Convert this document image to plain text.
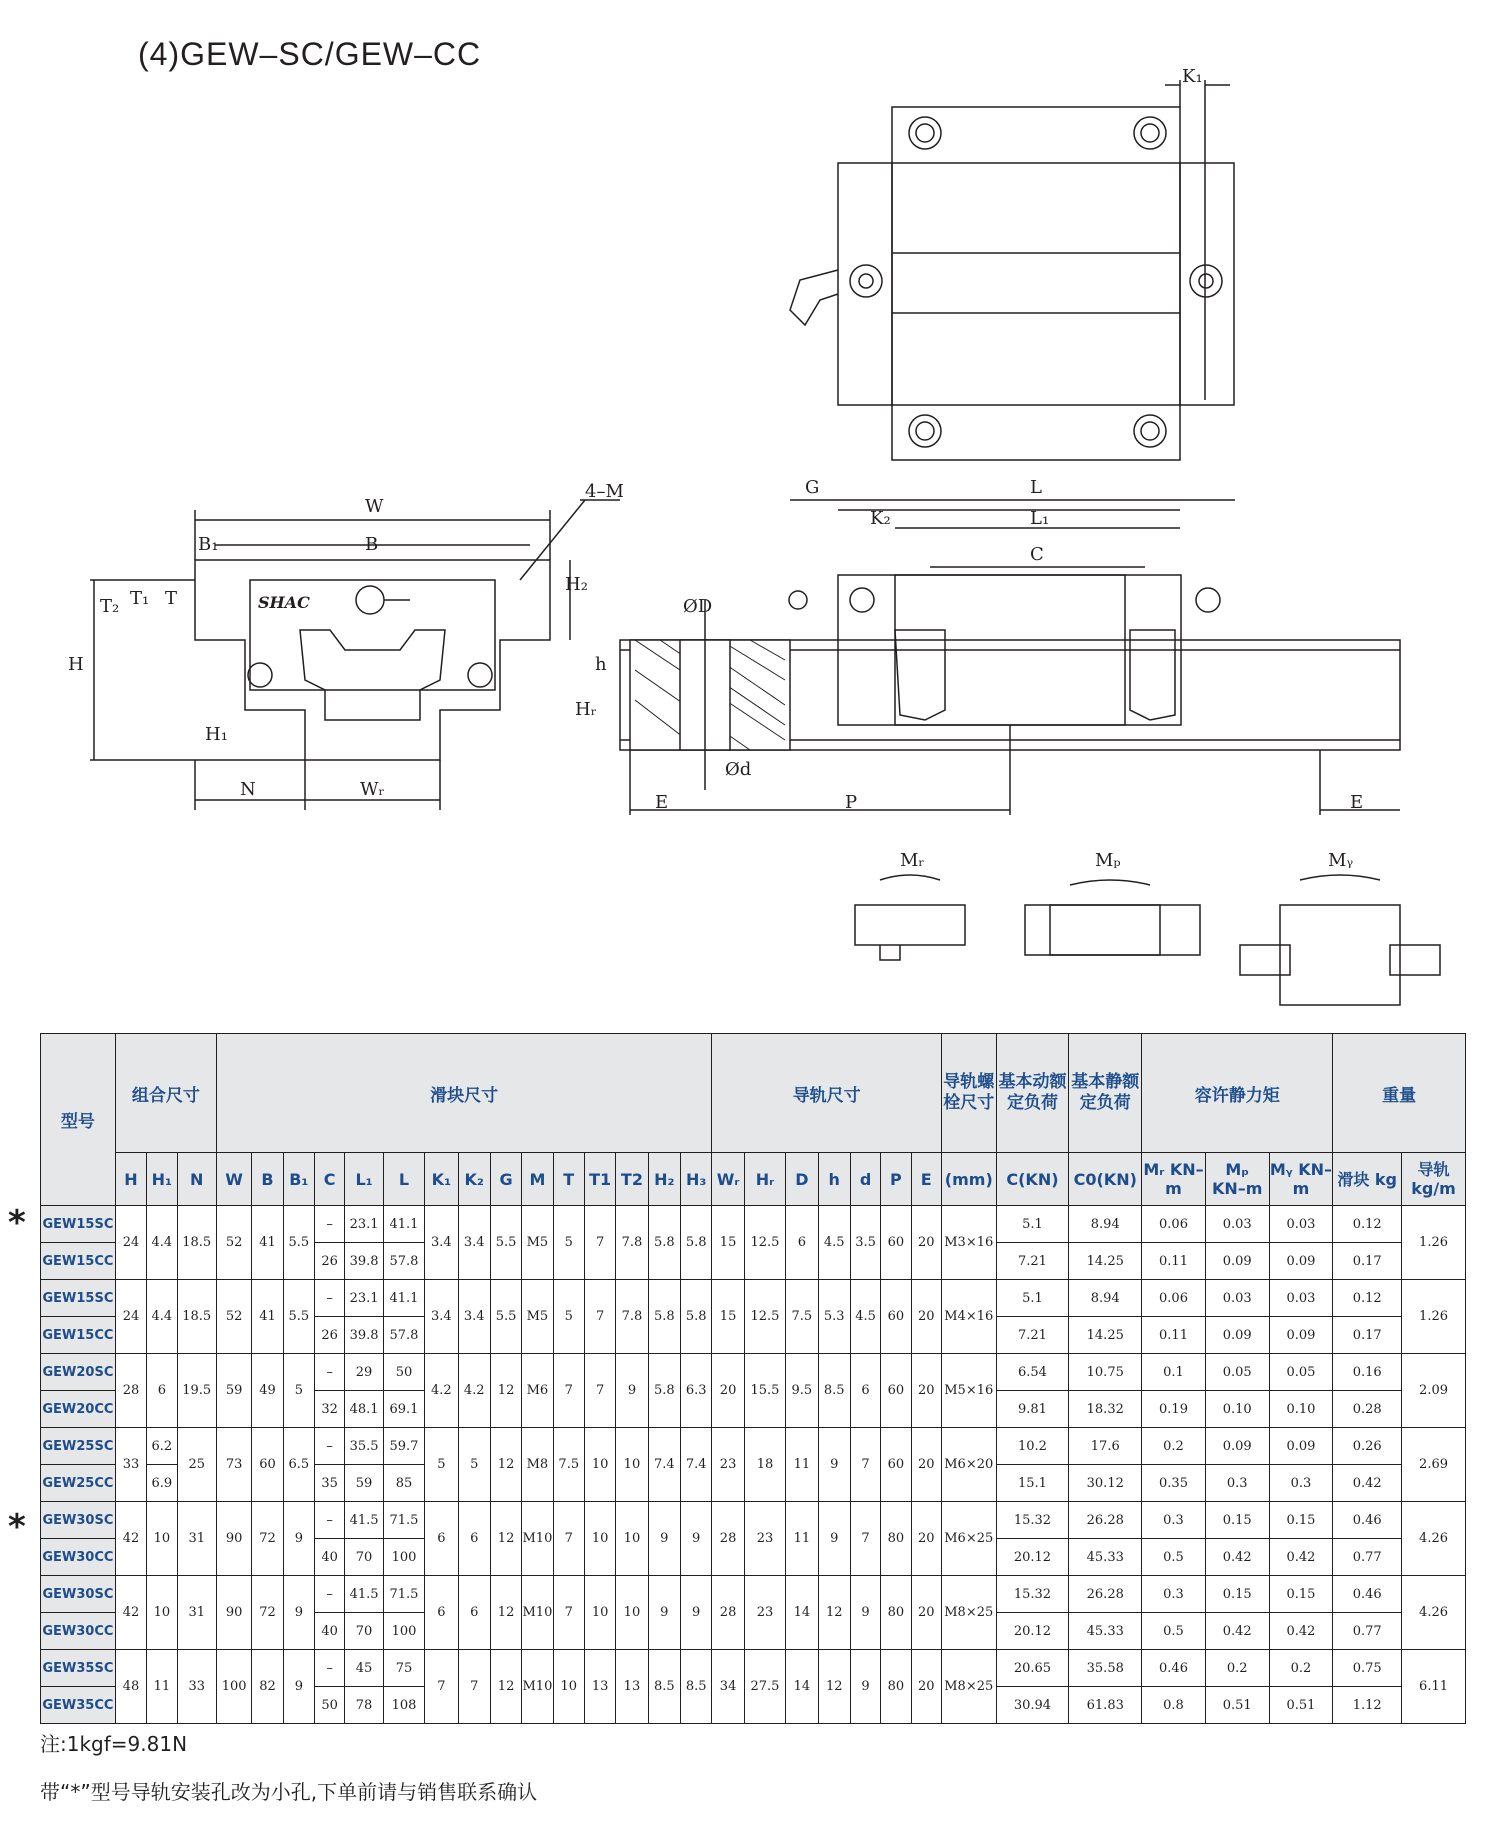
(4)GEW–SC/GEW–CC
K₁
W
4–M
B₁	B
H₂
T₂ T₁ T
H
H₁
N	Wᵣ
G	L
K₂	L₁
C
ØD
Ød
h
Hᵣ
E	P	E
Mᵣ	Mₚ	Mᵧ
SHAC
型号	组合尺寸			滑块尺寸															导轨尺寸							导轨螺栓尺寸	基本动额定负荷	基本静额定负荷	容许静力矩			重量	
	H	H₁	N	W	B	B₁	C	L₁	L	K₁	K₂	G	M	T	T1	T2	H₂	H₃	Wᵣ	Hᵣ	D	h	d	P	E	(mm)	C(KN)	C0(KN)	Mᵣ KN–m	Mₚ KN–m	Mᵧ KN–m	滑块 kg	导轨 kg/m
GEW15SC	24	4.4	18.5	52	41	5.5	–	23.1	41.1	3.4	3.4	5.5	M5	5	7	7.8	5.8	5.8	15	12.5	6	4.5	3.5	60	20	M3×16	5.1	8.94	0.06	0.03	0.03	0.12	1.26
GEW15CC							26	39.8	57.8																		7.21	14.25	0.11	0.09	0.09	0.17	
GEW15SC	24	4.4	18.5	52	41	5.5	–	23.1	41.1	3.4	3.4	5.5	M5	5	7	7.8	5.8	5.8	15	12.5	7.5	5.3	4.5	60	20	M4×16	5.1	8.94	0.06	0.03	0.03	0.12	1.26
GEW15CC							26	39.8	57.8																		7.21	14.25	0.11	0.09	0.09	0.17	
GEW20SC	28	6	19.5	59	49	5	–	29	50	4.2	4.2	12	M6	7	7	9	5.8	6.3	20	15.5	9.5	8.5	6	60	20	M5×16	6.54	10.75	0.1	0.05	0.05	0.16	2.09
GEW20CC							32	48.1	69.1																		9.81	18.32	0.19	0.10	0.10	0.28	
GEW25SC	33	6.2	25	73	60	6.5	–	35.5	59.7	5	5	12	M8	7.5	10	10	7.4	7.4	23	18	11	9	7	60	20	M6×20	10.2	17.6	0.2	0.09	0.09	0.26	2.69
GEW25CC		6.9					35	59	85																		15.1	30.12	0.35	0.3	0.3	0.42	
GEW30SC	42	10	31	90	72	9	–	41.5	71.5	6	6	12	M10	7	10	10	9	9	28	23	11	9	7	80	20	M6×25	15.32	26.28	0.3	0.15	0.15	0.46	4.26
GEW30CC							40	70	100																		20.12	45.33	0.5	0.42	0.42	0.77	
GEW30SC	42	10	31	90	72	9	–	41.5	71.5	6	6	12	M10	7	10	10	9	9	28	23	14	12	9	80	20	M8×25	15.32	26.28	0.3	0.15	0.15	0.46	4.26
GEW30CC							40	70	100																		20.12	45.33	0.5	0.42	0.42	0.77	
GEW35SC	48	11	33	100	82	9	–	45	75	7	7	12	M10	10	13	13	8.5	8.5	34	27.5	14	12	9	80	20	M8×25	20.65	35.58	0.46	0.2	0.2	0.75	6.11
GEW35CC							50	78	108																		30.94	61.83	0.8	0.51	0.51	1.12	
*
*
注:1kgf=9.81N
带“*”型号导轨安装孔改为小孔,下单前请与销售联系确认
